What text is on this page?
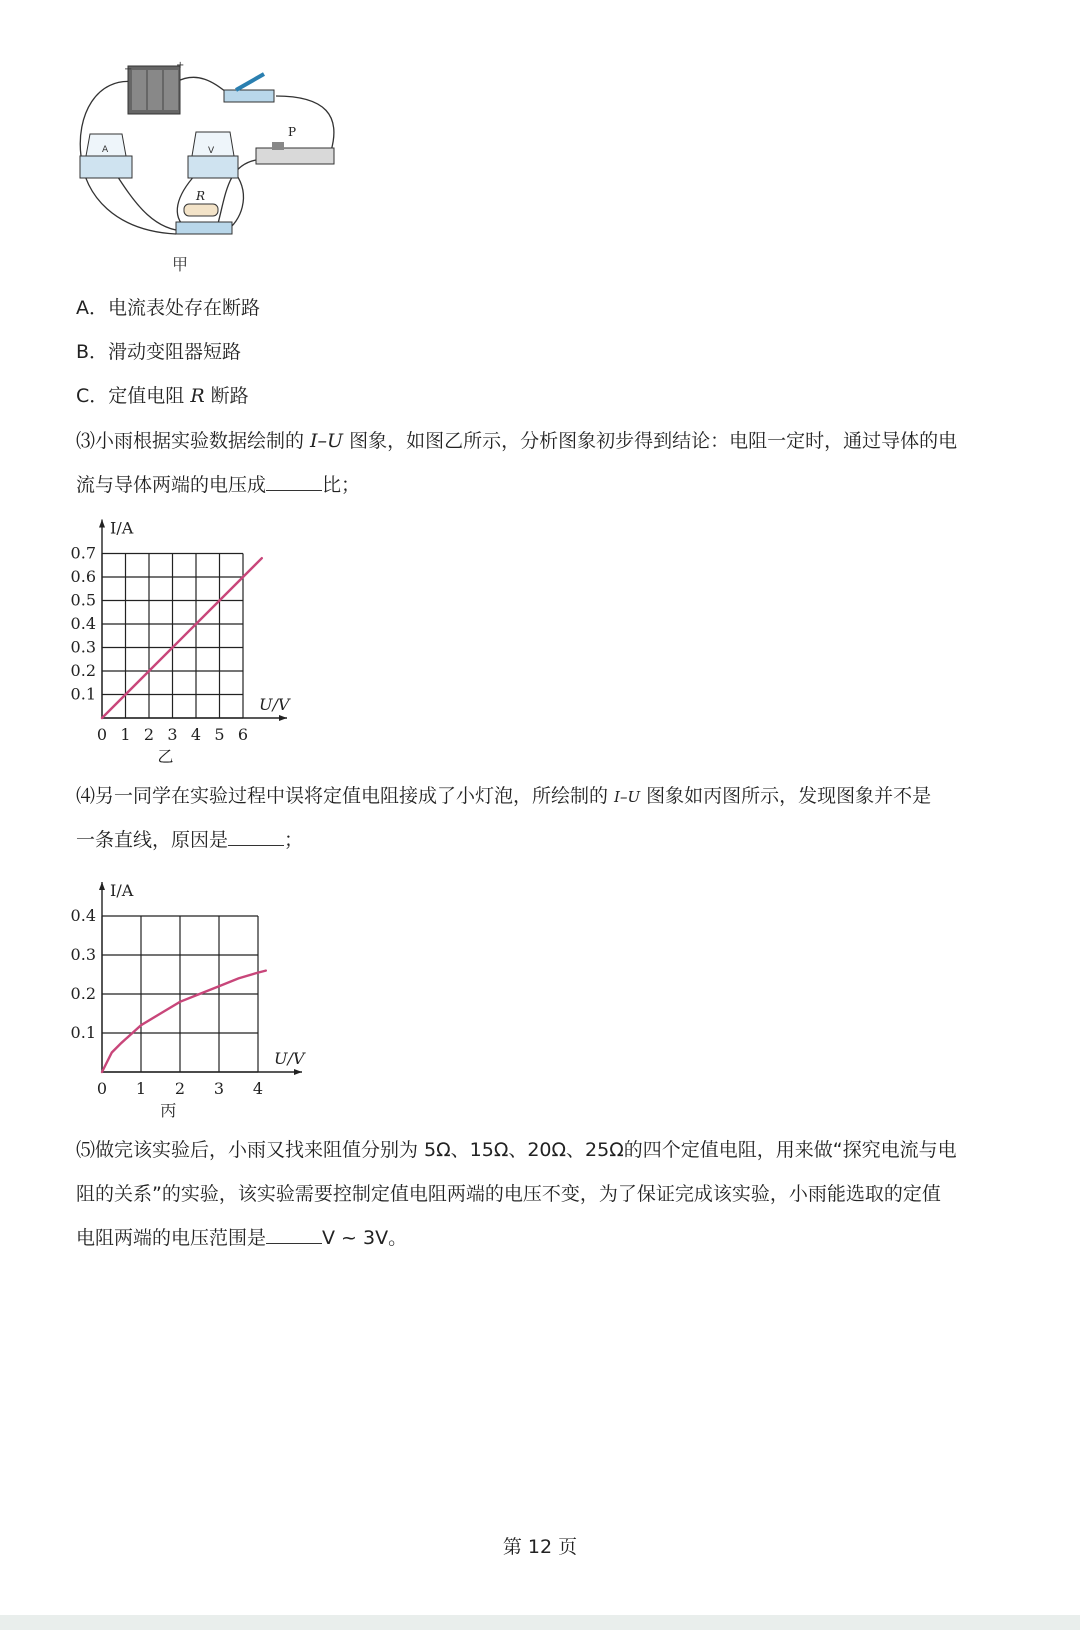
−	+
A	V
P
R
甲
A．电流表处存在断路
B．滑动变阻器短路
C．定值电阻 R 断路
⑶小雨根据实验数据绘制的 I–U 图象，如图乙所示，分析图象初步得到结论：电阻一定时，通过导体的电
流与导体两端的电压成	比；
I/A
U/V
0 1 2 3 4 5 6
0.1
0.2
0.3
0.4
0.5
0.6
0.7
乙
⑷另一同学在实验过程中误将定值电阻接成了小灯泡，所绘制的 I–U 图象如丙图所示，发现图象并不是
一条直线，原因是	；
I/A
U/V
0 1 2 3 4
0.1
0.2
0.3
0.4
丙
⑸做完该实验后，小雨又找来阻值分别为 5Ω、15Ω、20Ω、25Ω的四个定值电阻，用来做“探究电流与电
阻的关系”的实验，该实验需要控制定值电阻两端的电压不变，为了保证完成该实验，小雨能选取的定值
电阻两端的电压范围是	V ~ 3V。
第 12 页
